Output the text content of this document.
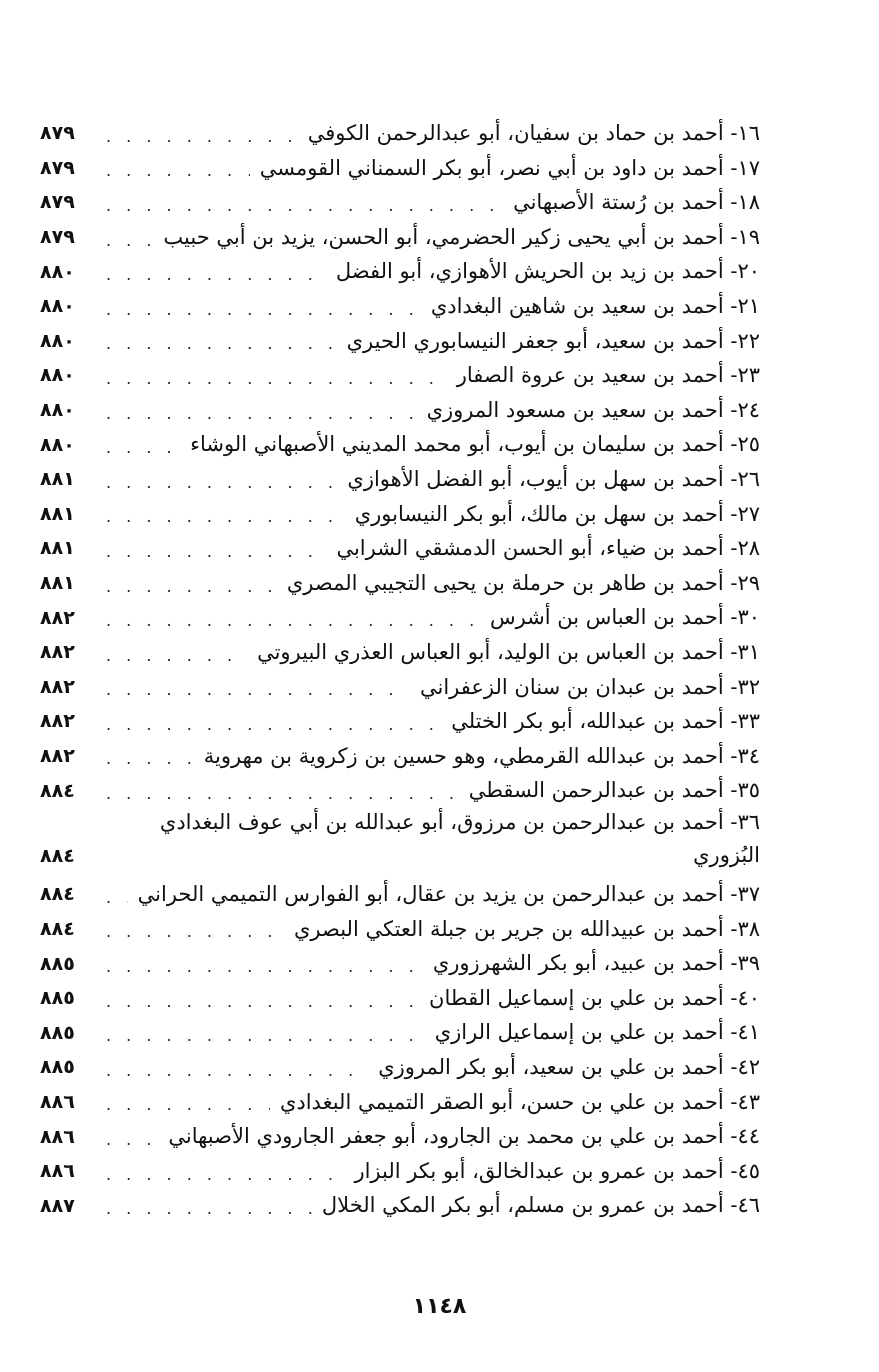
١٦- أحمد بن حماد بن سفيان، أبو عبدالرحمن الكوفي
. . .
٨٧٩
١٧- أحمد بن داود بن أبي نصر، أبو بكر السمناني القومسي
. . .
٨٧٩
١٨- أحمد بن رُستة الأصبهاني
. . .
٨٧٩
١٩- أحمد بن أبي يحيى زكير الحضرمي، أبو الحسن، يزيد بن أبي حبيب
. . .
٨٧٩
٢٠- أحمد بن زيد بن الحريش الأهوازي، أبو الفضل
. . .
٨٨٠
٢١- أحمد بن سعيد بن شاهين البغدادي
. . .
٨٨٠
٢٢- أحمد بن سعيد، أبو جعفر النيسابوري الحيري
. . .
٨٨٠
٢٣- أحمد بن سعيد بن عروة الصفار
. . .
٨٨٠
٢٤- أحمد بن سعيد بن مسعود المروزي
. . .
٨٨٠
٢٥- أحمد بن سليمان بن أيوب، أبو محمد المديني الأصبهاني الوشاء
. . .
٨٨٠
٢٦- أحمد بن سهل بن أيوب، أبو الفضل الأهوازي
. . .
٨٨١
٢٧- أحمد بن سهل بن مالك، أبو بكر النيسابوري
. . .
٨٨١
٢٨- أحمد بن ضياء، أبو الحسن الدمشقي الشرابي
. . .
٨٨١
٢٩- أحمد بن طاهر بن حرملة بن يحيى التجيبي المصري
. . .
٨٨١
٣٠- أحمد بن العباس بن أشرس
. . .
٨٨٢
٣١- أحمد بن العباس بن الوليد، أبو العباس العذري البيروتي
. . .
٨٨٢
٣٢- أحمد بن عبدان بن سنان الزعفراني
. . .
٨٨٢
٣٣- أحمد بن عبدالله، أبو بكر الختلي
. . .
٨٨٢
٣٤- أحمد بن عبدالله القرمطي، وهو حسين بن زكروية بن مهروية
. . .
٨٨٢
٣٥- أحمد بن عبدالرحمن السقطي
. . .
٨٨٤
٣٦- أحمد بن عبدالرحمن بن مرزوق، أبو عبدالله بن أبي عوف البغدادي البُزوري
٨٨٤
٣٧- أحمد بن عبدالرحمن بن يزيد بن عقال، أبو الفوارس التميمي الحراني
. . .
٨٨٤
٣٨- أحمد بن عبيدالله بن جرير بن جبلة العتكي البصري
. . .
٨٨٤
٣٩- أحمد بن عبيد، أبو بكر الشهرزوري
. . .
٨٨٥
٤٠- أحمد بن علي بن إسماعيل القطان
. . .
٨٨٥
٤١- أحمد بن علي بن إسماعيل الرازي
. . .
٨٨٥
٤٢- أحمد بن علي بن سعيد، أبو بكر المروزي
. . .
٨٨٥
٤٣- أحمد بن علي بن حسن، أبو الصقر التميمي البغدادي
. . .
٨٨٦
٤٤- أحمد بن علي بن محمد بن الجارود، أبو جعفر الجارودي الأصبهاني
. . .
٨٨٦
٤٥- أحمد بن عمرو بن عبدالخالق، أبو بكر البزار
. . .
٨٨٦
٤٦- أحمد بن عمرو بن مسلم، أبو بكر المكي الخلال
. . .
٨٨٧
١١٤٨
